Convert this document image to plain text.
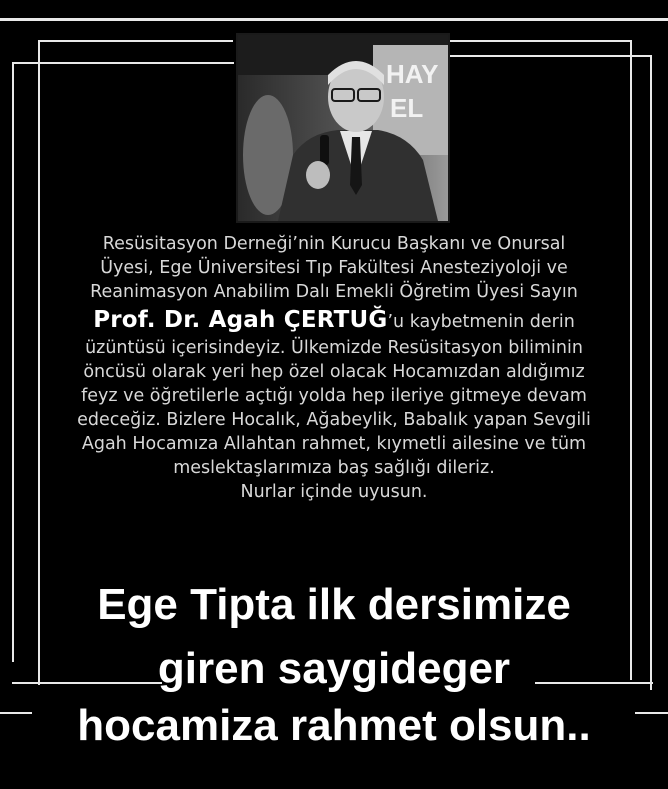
HAY
EL
Resüsitasyon Derneği’nin Kurucu Başkanı ve Onursal
Üyesi, Ege Üniversitesi Tıp Fakültesi Anesteziyoloji ve
Reanimasyon Anabilim Dalı Emekli Öğretim Üyesi Sayın
Prof. Dr. Agah ÇERTUĞ’u kaybetmenin derin
üzüntüsü içerisindeyiz. Ülkemizde Resüsitasyon biliminin
öncüsü olarak yeri hep özel olacak Hocamızdan aldığımız
feyz ve öğretilerle açtığı yolda hep ileriye gitmeye devam
edeceğiz. Bizlere Hocalık, Ağabeylik, Babalık yapan Sevgili
Agah Hocamıza Allahtan rahmet, kıymetli ailesine ve tüm
meslektaşlarımıza baş sağlığı dileriz.
Nurlar içinde uyusun.
Ege Tipta ilk dersimize
giren saygideger
hocamiza rahmet olsun..
